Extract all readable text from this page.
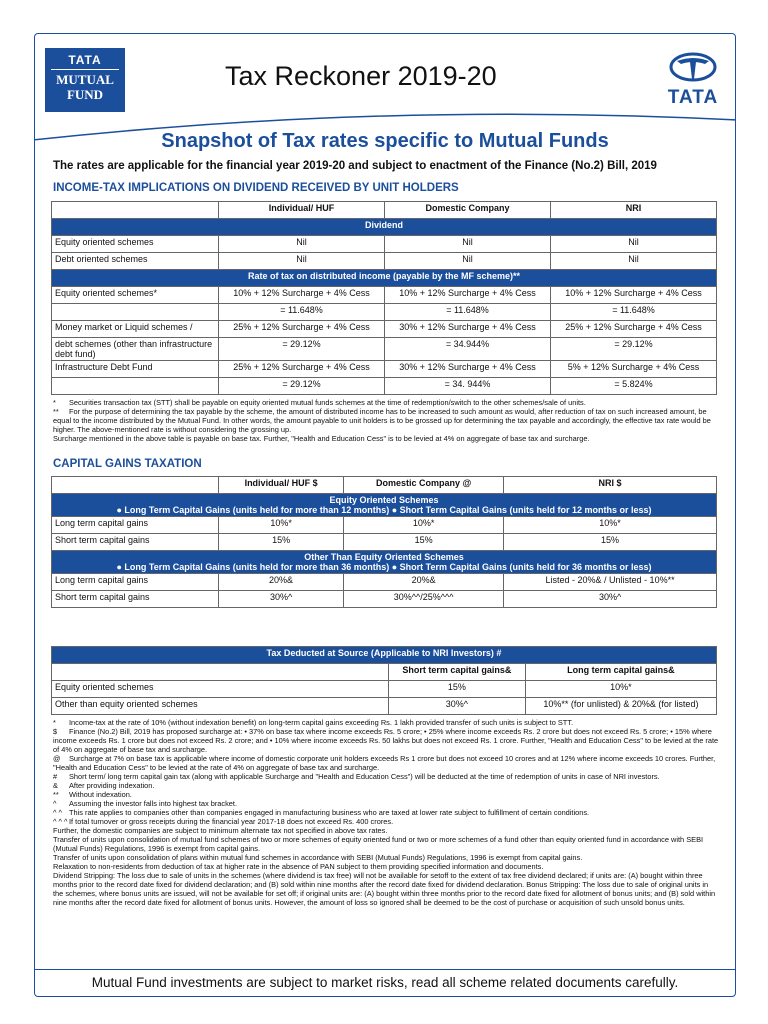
TATA
MUTUAL
FUND
Tax Reckoner 2019-20
TATA
Snapshot of Tax rates specific to Mutual Funds
The rates are applicable for the financial year 2019-20 and subject to enactment of the Finance (No.2) Bill, 2019
INCOME-TAX IMPLICATIONS ON DIVIDEND RECEIVED BY UNIT HOLDERS
	Individual/ HUF	Domestic Company	NRI
Dividend			
Equity oriented schemes	Nil	Nil	Nil
Debt oriented schemes	Nil	Nil	Nil
Rate of tax on distributed income (payable by the MF scheme)**			
Equity oriented schemes*	10% + 12% Surcharge + 4% Cess	10% + 12% Surcharge + 4% Cess	10% + 12% Surcharge + 4% Cess
	= 11.648%	= 11.648%	= 11.648%
Money market or Liquid schemes /	25% + 12% Surcharge + 4% Cess	30% + 12% Surcharge + 4% Cess	25% + 12% Surcharge + 4% Cess
debt schemes (other than infrastructure debt fund)	= 29.12%	= 34.944%	= 29.12%
Infrastructure Debt Fund	25% + 12% Surcharge + 4% Cess	30% + 12% Surcharge + 4% Cess	5% + 12% Surcharge + 4% Cess
	= 29.12%	= 34. 944%	= 5.824%

* Securities transaction tax (STT) shall be payable on equity oriented mutual funds schemes at the time of redemption/switch to the other schemes/sale of units.

** For the purpose of determining the tax payable by the scheme, the amount of distributed income has to be increased to such amount as would, after reduction of tax on such increased amount, be equal to the income distributed by the Mutual Fund. In other words, the amount payable to unit holders is to be grossed up for determining the tax payable and accordingly, the effective tax rate would be higher. The above-mentioned rate is without considering the grossing up.

Surcharge mentioned in the above table is payable on base tax. Further, "Health and Education Cess" is to be levied at 4% on aggregate of base tax and surcharge.

CAPITAL GAINS TAXATION
	Individual/ HUF $	Domestic Company @	NRI $

Equity Oriented Schemes
● Long Term Capital Gains (units held for more than 12 months) ● Short Term Capital Gains (units held for 12 months or less)			

Long term capital gains	10%*	10%*	10%*
Short term capital gains	15%	15%	15%

Other Than Equity Oriented Schemes
● Long Term Capital Gains (units held for more than 36 months) ● Short Term Capital Gains (units held for 36 months or less)			

Long term capital gains	20%&	20%&	Listed - 20%& / Unlisted - 10%**
Short term capital gains	30%^	30%^^/25%^^^	30%^
Tax Deducted at Source (Applicable to NRI Investors) #		
	Short term capital gains&	Long term capital gains&
Equity oriented schemes	15%	10%*
Other than equity oriented schemes	30%^	10%** (for unlisted) & 20%& (for listed)

* Income-tax at the rate of 10% (without indexation benefit) on long-term capital gains exceeding Rs. 1 lakh provided transfer of such units is subject to STT.

$ Finance (No.2) Bill, 2019 has proposed surcharge at: • 37% on base tax where income exceeds Rs. 5 crore; • 25% where income exceeds Rs. 2 crore but does not exceed Rs. 5 crore; • 15% where income exceeds Rs. 1 crore but does not exceed Rs. 2 crore; and • 10% where income exceeds Rs. 50 lakhs but does not exceed Rs. 1 crore. Further, "Health and Education Cess" to be levied at the rate of 4% on aggregate of base tax and surcharge.

@ Surcharge at 7% on base tax is applicable where income of domestic corporate unit holders exceeds Rs 1 crore but does not exceed 10 crores and at 12% where income exceeds 10 crores. Further, "Health and Education Cess" to be levied at the rate of 4% on aggregate of base tax and surcharge.

# Short term/ long term capital gain tax (along with applicable Surcharge and "Health and Education Cess") will be deducted at the time of redemption of units in case of NRI investors.

& After providing indexation.

** Without indexation.

^ Assuming the investor falls into highest tax bracket.

^ ^ This rate applies to companies other than companies engaged in manufacturing business who are taxed at lower rate subject to fulfillment of certain conditions.

^ ^ ^If total turnover or gross receipts during the financial year 2017-18 does not exceed Rs. 400 crores.

Further, the domestic companies are subject to minimum alternate tax not specified in above tax rates.

Transfer of units upon consolidation of mutual fund schemes of two or more schemes of equity oriented fund or two or more schemes of a fund other than equity oriented fund in accordance with SEBI (Mutual Funds) Regulations, 1996 is exempt from capital gains.

Transfer of units upon consolidation of plans within mutual fund schemes in accordance with SEBI (Mutual Funds) Regulations, 1996 is exempt from capital gains.

Relaxation to non-residents from deduction of tax at higher rate in the absence of PAN subject to them providing specified information and documents.

Dividend Stripping: The loss due to sale of units in the schemes (where dividend is tax free) will not be available for setoff to the extent of tax free dividend declared; if units are: (A) bought within three months prior to the record date fixed for dividend declaration; and (B) sold within nine months after the record date fixed for dividend declaration. Bonus Stripping: The loss due to sale of original units in the schemes, where bonus units are issued, will not be available for set off; if original units are: (A) bought within three months prior to the record date fixed for allotment of bonus units; and (B) sold within nine months after the record date fixed for allotment of bonus units. However, the amount of loss so ignored shall be deemed to be the cost of purchase or acquisition of such unsold bonus units.

Mutual Fund investments are subject to market risks, read all scheme related documents carefully.
